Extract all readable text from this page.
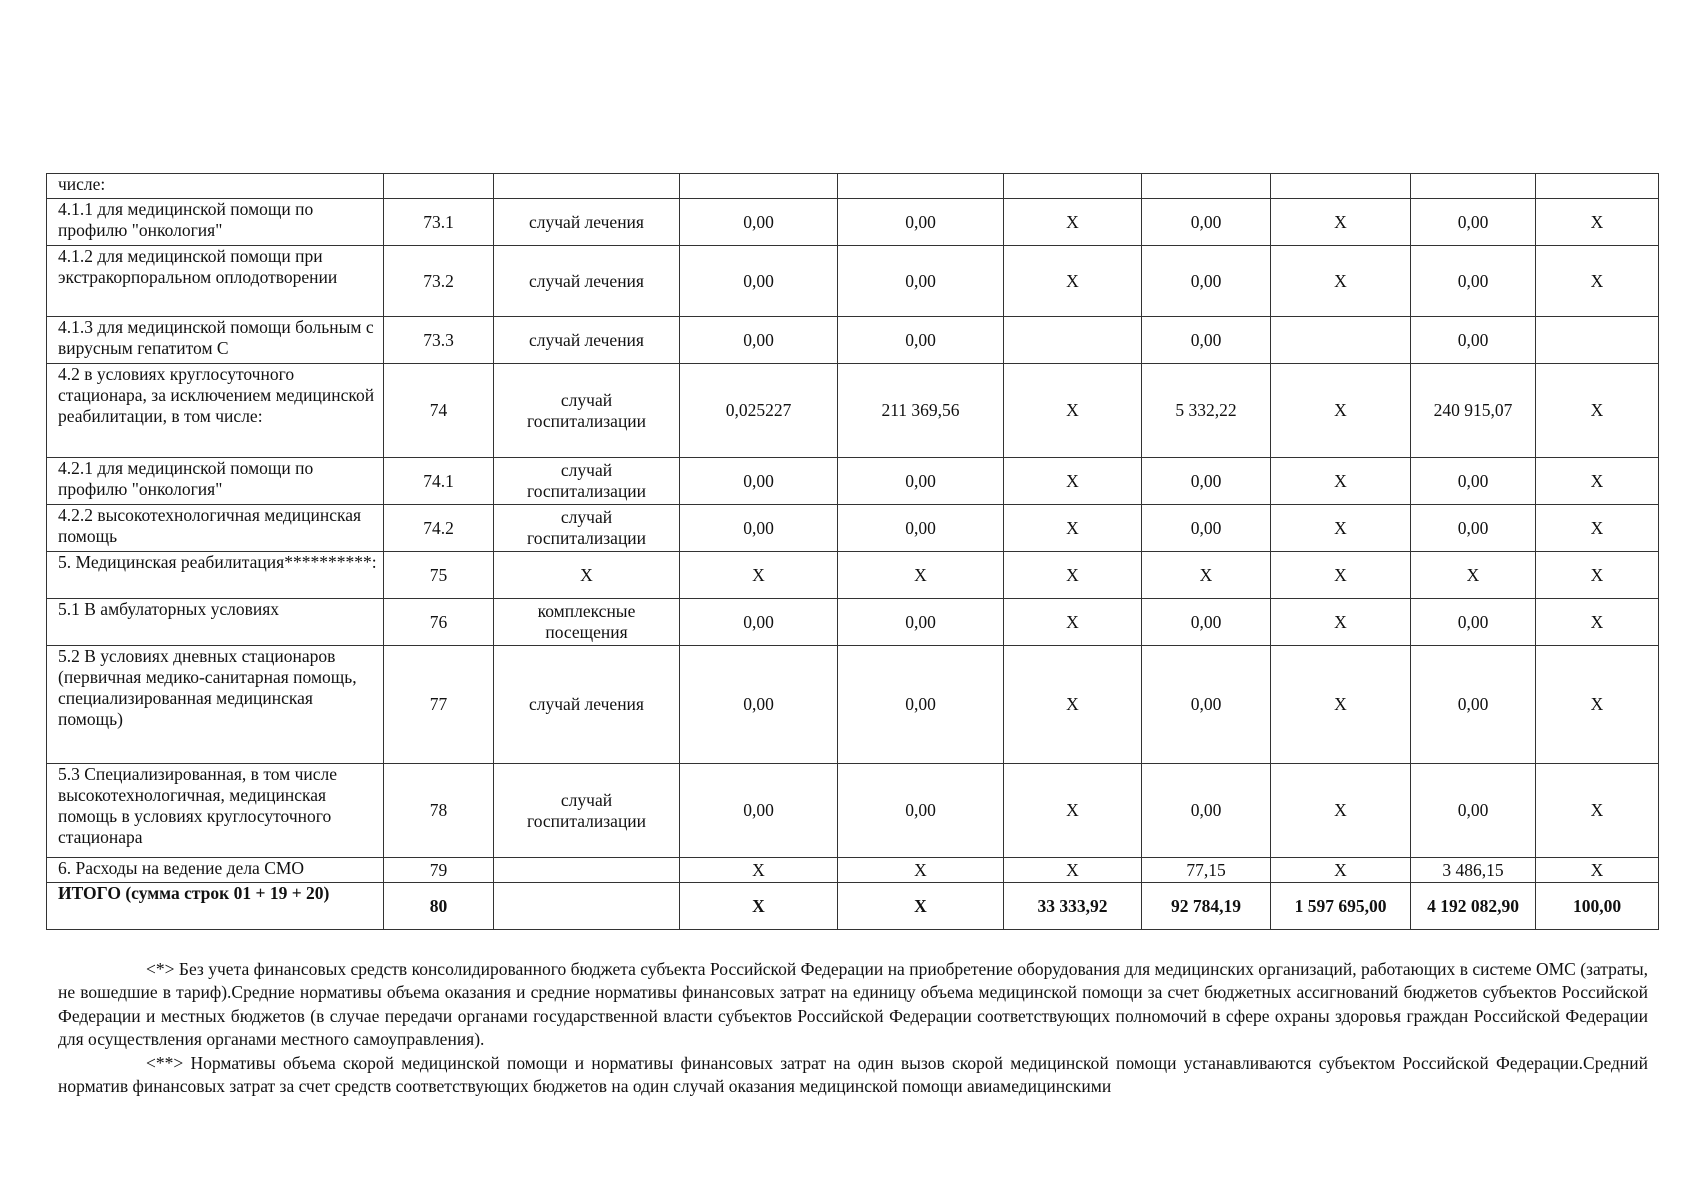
числе:									
4.1.1 для медицинской помощи по профилю "онкология"	73.1	случай лечения	0,00	0,00	X	0,00	X	0,00	X
4.1.2 для медицинской помощи при экстракорпоральном оплодотворении	73.2	случай лечения	0,00	0,00	X	0,00	X	0,00	X
4.1.3 для медицинской помощи больным с вирусным гепатитом С	73.3	случай лечения	0,00	0,00		0,00		0,00	
4.2 в условиях круглосуточного стационара, за исключением медицинской реабилитации, в том числе:	74	случай госпитализации	0,025227	211 369,56	X	5 332,22	X	240 915,07	X
4.2.1 для медицинской помощи по профилю "онкология"	74.1	случай госпитализации	0,00	0,00	X	0,00	X	0,00	X
4.2.2 высокотехнологичная медицинская помощь	74.2	случай госпитализации	0,00	0,00	X	0,00	X	0,00	X
5. Медицинская реабилитация**********:	75	X	X	X	X	X	X	X	X
5.1 В амбулаторных условиях	76	комплексные посещения	0,00	0,00	X	0,00	X	0,00	X
5.2 В условиях дневных стационаров (первичная медико-санитарная помощь, специализированная медицинская помощь)	77	случай лечения	0,00	0,00	X	0,00	X	0,00	X
5.3 Специализированная, в том числе высокотехнологичная, медицинская помощь в условиях круглосуточного стационара	78	случай госпитализации	0,00	0,00	X	0,00	X	0,00	X
6. Расходы на ведение дела СМО	79		X	X	X	77,15	X	3 486,15	X
ИТОГО (сумма строк 01 + 19 + 20)	80		X	X	33 333,92	92 784,19	1 597 695,00	4 192 082,90	100,00

<*> Без учета финансовых средств консолидированного бюджета субъекта Российской Федерации на приобретение оборудования для медицинских организаций, работающих в системе ОМС (затраты, не вошедшие в тариф).Средние нормативы объема оказания и средние нормативы финансовых затрат на единицу объема медицинской помощи за счет бюджетных ассигнований бюджетов субъектов Российской Федерации и местных бюджетов (в случае передачи органами государственной власти субъектов Российской Федерации соответствующих полномочий в сфере охраны здоровья граждан Российской Федерации для осуществления органами местного самоуправления).

<**> Нормативы объема скорой медицинской помощи и нормативы финансовых затрат на один вызов скорой медицинской помощи устанавливаются субъектом Российской Федерации.Средний норматив финансовых затрат за счет средств соответствующих бюджетов на один случай оказания медицинской помощи авиамедицинскими
